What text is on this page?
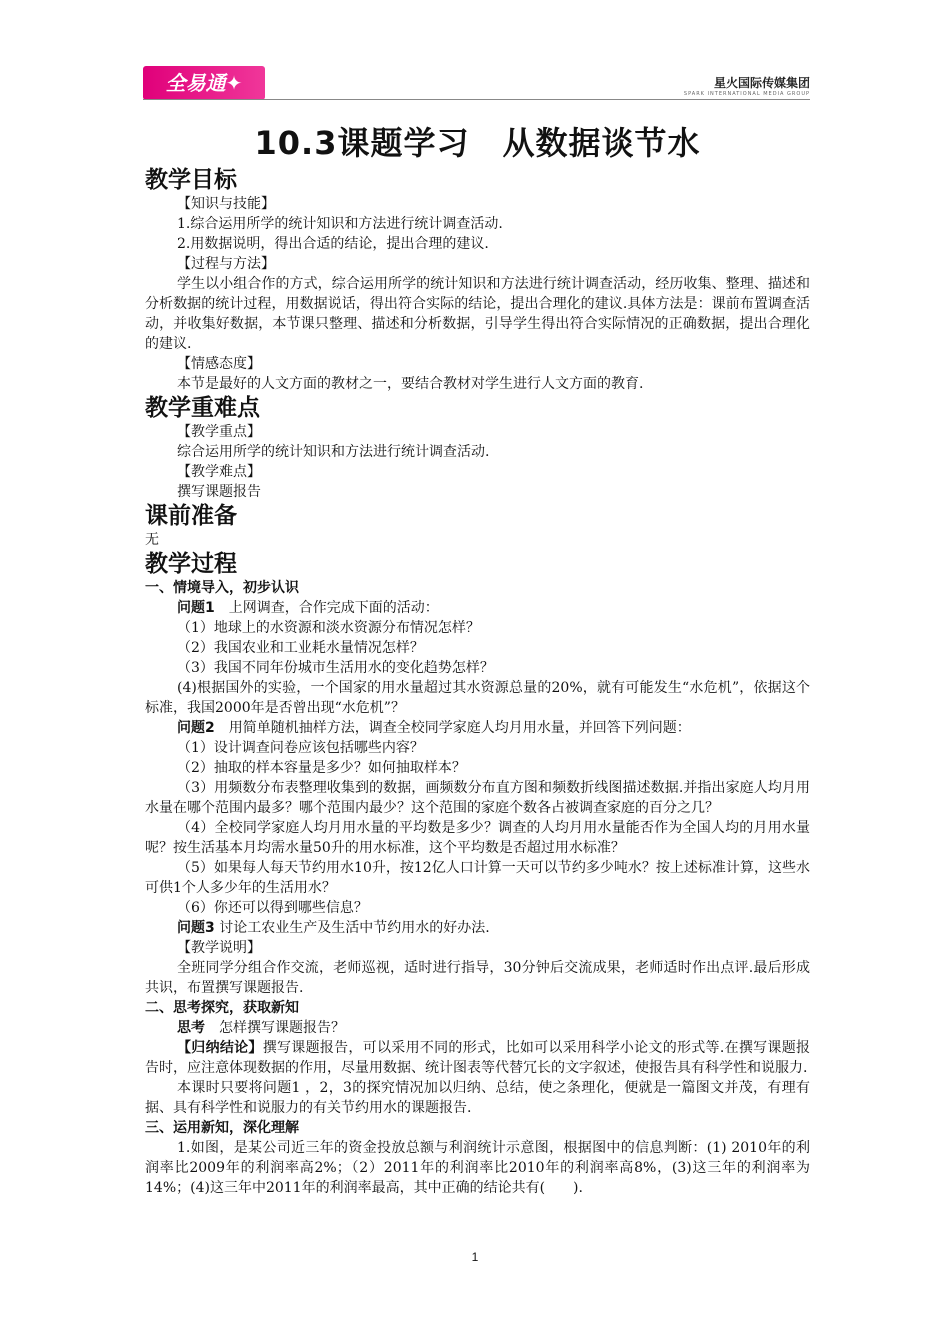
全易通✦	星火国际传媒集团
SPARK INTERNATIONAL MEDIA GROUP
10.3课题学习　从数据谈节水
教学目标
【知识与技能】
1.综合运用所学的统计知识和方法进行统计调查活动.
2.用数据说明，得出合适的结论，提出合理的建议.
【过程与方法】
学生以小组合作的方式，综合运用所学的统计知识和方法进行统计调查活动，经历收集、整理、描述和分析数据的统计过程，用数据说话，得出符合实际的结论，提出合理化的建议.具体方法是：课前布置调查活动，并收集好数据，本节课只整理、描述和分析数据，引导学生得出符合实际情况的正确数据，提出合理化的建议.
【情感态度】
本节是最好的人文方面的教材之一，要结合教材对学生进行人文方面的教育.
教学重难点
【教学重点】
综合运用所学的统计知识和方法进行统计调查活动.
【教学难点】
撰写课题报告
课前准备
无
教学过程
一、情境导入，初步认识
问题1　上网调查，合作完成下面的活动：
（1）地球上的水资源和淡水资源分布情况怎样？
（2）我国农业和工业耗水量情况怎样？
（3）我国不同年份城市生活用水的变化趋势怎样？
(4)根据国外的实验，一个国家的用水量超过其水资源总量的20%，就有可能发生“水危机”，依据这个标准，我国2000年是否曾出现“水危机”？
问题2　用简单随机抽样方法，调查全校同学家庭人均月用水量，并回答下列问题：
（1）设计调查问卷应该包括哪些内容？
（2）抽取的样本容量是多少？如何抽取样本？
（3）用频数分布表整理收集到的数据，画频数分布直方图和频数折线图描述数据.并指出家庭人均月用水量在哪个范围内最多？哪个范围内最少？这个范围的家庭个数各占被调查家庭的百分之几？
（4）全校同学家庭人均月用水量的平均数是多少？调查的人均月用水量能否作为全国人均的月用水量呢？按生活基本月均需水量50升的用水标准，这个平均数是否超过用水标准？
（5）如果每人每天节约用水10升，按12亿人口计算一天可以节约多少吨水？按上述标准计算，这些水可供1个人多少年的生活用水？
（6）你还可以得到哪些信息？
问题3 讨论工农业生产及生活中节约用水的好办法.
【教学说明】
全班同学分组合作交流，老师巡视，适时进行指导，30分钟后交流成果，老师适时作出点评.最后形成共识，布置撰写课题报告.
二、思考探究，获取新知
思考　怎样撰写课题报告？
【归纳结论】撰写课题报告，可以采用不同的形式，比如可以采用科学小论文的形式等.在撰写课题报告时，应注意体现数据的作用，尽量用数据、统计图表等代替冗长的文字叙述，使报告具有科学性和说服力.
本课时只要将问题1 ，2，3的探究情况加以归纳、总结，使之条理化，便就是一篇图文并茂，有理有据、具有科学性和说服力的有关节约用水的课题报告.
三、运用新知，深化理解
1.如图，是某公司近三年的资金投放总额与利润统计示意图，根据图中的信息判断：(1) 2010年的利润率比2009年的利润率高2%；（2）2011年的利润率比2010年的利润率高8%，(3)这三年的利润率为14%；(4)这三年中2011年的利润率最高，其中正确的结论共有(　　).
1
